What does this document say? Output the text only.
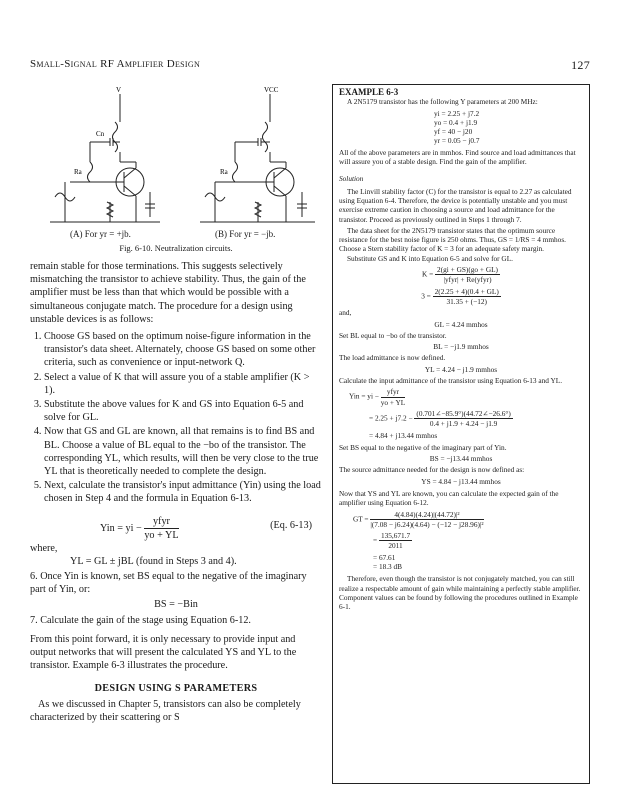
Small-Signal RF Amplifier Design	127
V	VCC
Cn
Ra	Ra
(A) For yr = +jb.	(B) For yr = −jb.
Fig. 6-10. Neutralization circuits.

remain stable for those terminations. This suggests selectively mismatching the transistor to achieve stability. Thus, the gain of the amplifier must be less than that which would be possible with a simultaneous conjugate match. The procedure for a design using unstable devices is as follows:

1. Choose GS based on the optimum noise-figure information in the transistor's data sheet. Alternately, choose GS based on some other criteria, such as convenience or input-network Q.
2. Select a value of K that will assure you of a stable amplifier (K > 1).
3. Substitute the above values for K and GS into Equation 6-5 and solve for GL.
4. Now that GS and GL are known, all that remains is to find BS and BL. Choose a value of BL equal to the −bo of the transistor. The corresponding YL, which results, will then be very close to the true YL that is theoretically needed to complete the design.
5. Next, calculate the transistor's input admittance (Yin) using the load chosen in Step 4 and the formula in Equation 6-13.
Yin = yi − $\frac{\text{yfyr}}{yo + YL}$	(Eq. 6-13)

where,

YL = GL ± jBL (found in Steps 3 and 4).

6. Once Yin is known, set BS equal to the negative of the imaginary part of Yin, or:

BS = −Bin

7. Calculate the gain of the stage using Equation 6-12.

From this point forward, it is only necessary to provide input and output networks that will present the calculated YS and YL to the transistor. Example 6-3 illustrates the procedure.

DESIGN USING S PARAMETERS

As we discussed in Chapter 5, transistors can also be completely characterized by their scattering or S

EXAMPLE 6-3

A 2N5179 transistor has the following Y parameters at 200 MHz:

yi = 2.25 + j7.2
yo = 0.4 + j1.9
yf = 40 − j20
yr = 0.05 − j0.7

All of the above parameters are in mmhos. Find source and load admittances that will assure you of a stable design. Find the gain of the amplifier.

Solution

The Linvill stability factor (C) for the transistor is equal to 2.27 as calculated using Equation 6-4. Therefore, the device is potentially unstable and you must exercise extreme caution in choosing a source and load admittance for the transistor. Proceed as previously outlined in Steps 1 through 7.

The data sheet for the 2N5179 transistor states that the optimum source resistance for the best noise figure is 250 ohms. Thus, GS = 1/RS = 4 mmhos. Choose a Stern stability factor of K = 3 for an adequate safety margin.

Substitute GS and K into Equation 6-5 and solve for GL.

$K = \frac{2(gi + GS)(go + GL)}{\text{|yfyr| + Re(yfyr)}}$
$3 = \frac{2(2.25 + 4)(0.4 + GL)}{31.35 + (-12)}$

and,

GL = 4.24 mmhos

Set BL equal to −bo of the transistor.

BL = −j1.9 mmhos

The load admittance is now defined.

YL = 4.24 − j1.9 mmhos

Calculate the input admittance of the transistor using Equation 6-13 and YL.

Yin = yi − $\frac{\text{yfyr}}{yo + YL}$
= $2.25 + j7.2 - \frac{(0.701\angle-85.9^\circ)(44.72\angle-26.6^\circ)}{0.4 + j1.9 + 4.24 - j1.9}$

= 4.84 + j13.44 mmhos

Set BS equal to the negative of the imaginary part of Yin.

BS = −j13.44 mmhos

The source admittance needed for the design is now defined as:

YS = 4.84 − j13.44 mmhos

Now that YS and YL are known, you can calculate the expected gain of the amplifier using Equation 6-12.

GT = $\frac{\text{4(4.84)(4.24)|(44.72)|²}}{\text{|(7.08 − j6.24)(4.64) − (−12 − j28.96)|²}}$
= $\frac{135,671.7}{2011}$

= 67.61

= 18.3 dB

Therefore, even though the transistor is not conjugately matched, you can still realize a respectable amount of gain while maintaining a perfectly stable amplifier. Component values can be found by following the procedures outlined in Example 6-1.
